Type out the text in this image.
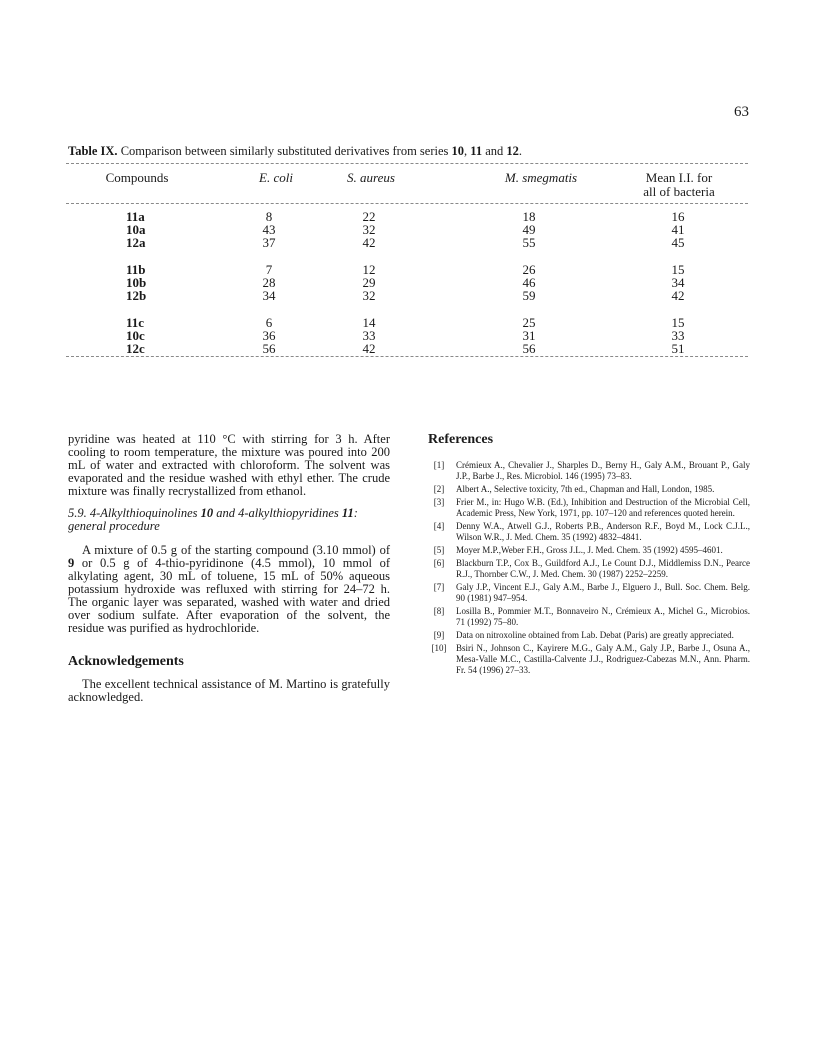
63
Table IX. Comparison between similarly substituted derivatives from series 10, 11 and 12.
Compounds	E. coli	S. aureus	M. smegmatis	Mean I.I. for
all of bacteria
11a	8	22	18	16
10a	43	32	49	41
12a	37	42	55	45
11b	7	12	26	15
10b	28	29	46	34
12b	34	32	59	42
11c	6	14	25	15
10c	36	33	31	33
12c	56	42	56	51
pyridine was heated at 110 °C with stirring for 3 h. After cooling to room temperature, the mixture was poured into 200 mL of water and extracted with chloroform. The solvent was evaporated and the residue washed with ethyl ether. The crude mixture was finally recrystallized from ethanol.
5.9. 4-Alkylthioquinolines 10 and 4-alkylthiopyridines 11: general procedure
A mixture of 0.5 g of the starting compound (3.10 mmol) of 9 or 0.5 g of 4-thio-pyridinone (4.5 mmol), 10 mmol of alkylating agent, 30 mL of toluene, 15 mL of 50% aqueous potassium hydroxide was refluxed with stirring for 24–72 h. The organic layer was separated, washed with water and dried over sodium sulfate. After evaporation of the solvent, the residue was purified as hydrochloride.
Acknowledgements
The excellent technical assistance of M. Martino is gratefully acknowledged.
References
[1]	Crémieux A., Chevalier J., Sharples D., Berny H., Galy A.M., Brouant P., Galy J.P., Barbe J., Res. Microbiol. 146 (1995) 73–83.
[2]	Albert A., Selective toxicity, 7th ed., Chapman and Hall, London, 1985.
[3]	Frier M., in: Hugo W.B. (Ed.), Inhibition and Destruction of the Microbial Cell, Academic Press, New York, 1971, pp. 107–120 and references quoted herein.
[4]	Denny W.A., Atwell G.J., Roberts P.B., Anderson R.F., Boyd M., Lock C.J.L., Wilson W.R., J. Med. Chem. 35 (1992) 4832–4841.
[5]	Moyer M.P.,Weber F.H., Gross J.L., J. Med. Chem. 35 (1992) 4595–4601.
[6]	Blackburn T.P., Cox B., Guildford A.J., Le Count D.J., Middlemiss D.N., Pearce R.J., Thornber C.W., J. Med. Chem. 30 (1987) 2252–2259.
[7]	Galy J.P., Vincent E.J., Galy A.M., Barbe J., Elguero J., Bull. Soc. Chem. Belg. 90 (1981) 947–954.
[8]	Losilla B., Pommier M.T., Bonnaveiro N., Crémieux A., Michel G., Microbios. 71 (1992) 75–80.
[9]	Data on nitroxoline obtained from Lab. Debat (Paris) are greatly appreciated.
[10]	Bsiri N., Johnson C., Kayirere M.G., Galy A.M., Galy J.P., Barbe J., Osuna A., Mesa-Valle M.C., Castilla-Calvente J.J., Rodriguez-Cabezas M.N., Ann. Pharm. Fr. 54 (1996) 27–33.
